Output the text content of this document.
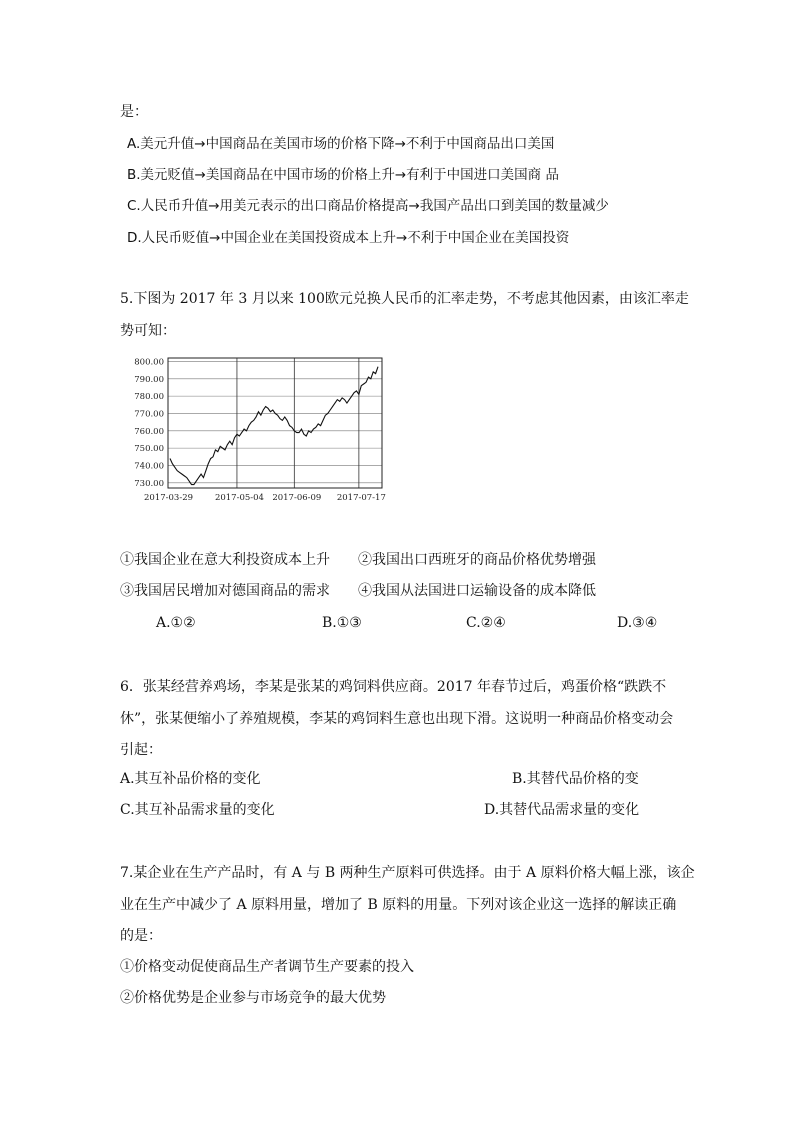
是：
A.美元升值→中国商品在美国市场的价格下降→不利于中国商品出口美国
B.美元贬值→美国商品在中国市场的价格上升→有利于中国进口美国商 品
C.人民币升值→用美元表示的出口商品价格提高→我国产品出口到美国的数量减少
D.人民币贬值→中国企业在美国投资成本上升→不利于中国企业在美国投资
5.下图为 2017 年 3 月以来 100欧元兑换人民币的汇率走势，不考虑其他因素，由该汇率走
势可知：
800.00
790.00
780.00
770.00
760.00
750.00
740.00
730.00
2017-03-29	2017-05-04 2017-06-09 2017-07-17
①我国企业在意大利投资成本上升 ②我国出口西班牙的商品价格优势增强
③我国居民增加对德国商品的需求 ④我国从法国进口运输设备的成本降低
A.①②	B.①③	C.②④	D.③④
6．张某经营养鸡场，李某是张某的鸡饲料供应商。2017 年春节过后，鸡蛋价格“跌跌不
休”，张某便缩小了养殖规模，李某的鸡饲料生意也出现下滑。这说明一种商品价格变动会
引起：
A.其互补品价格的变化	B.其替代品价格的变
C.其互补品需求量的变化	D.其替代品需求量的变化
7.某企业在生产产品时，有 A 与 B 两种生产原料可供选择。由于 A 原料价格大幅上涨，该企
业在生产中减少了 A 原料用量，增加了 B 原料的用量。下列对该企业这一选择的解读正确
的是：
①价格变动促使商品生产者调节生产要素的投入
②价格优势是企业参与市场竞争的最大优势
